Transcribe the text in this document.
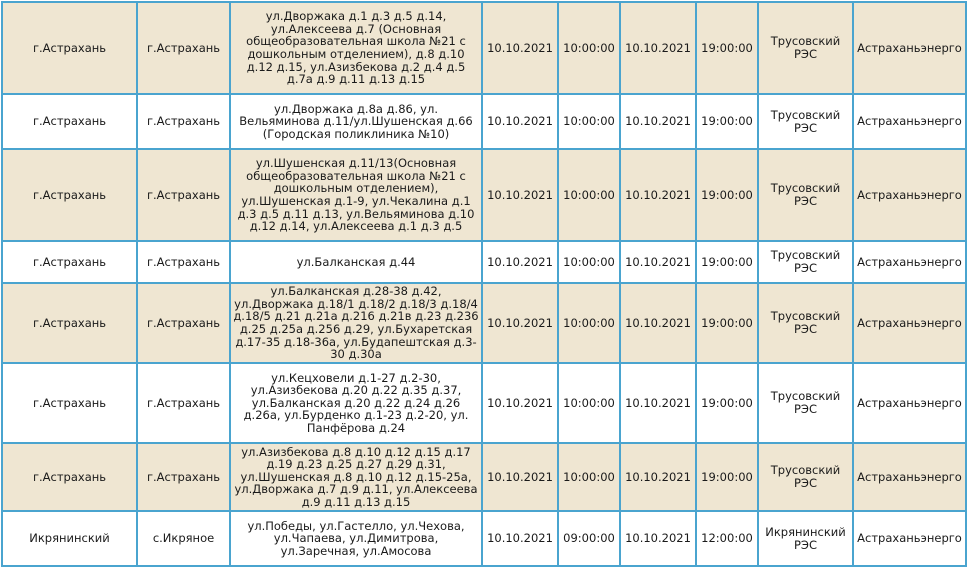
г.Астрахань	г.Астрахань	ул.Дворжака д.1 д.3 д.5 д.14, ул.Алексеева д.7 (Основная общеобразовательная школа №21 с дошкольным отделением), д.8 д.10 д.12 д.15, ул.Азизбекова д.2 д.4 д.5 д.7а д.9 д.11 д.13 д.15	10.10.2021	10:00:00	10.10.2021	19:00:00	Трусовский РЭС	Астраханьэнерго
г.Астрахань	г.Астрахань	ул.Дворжака д.8а д.86, ул. Вельяминова д.11/ул.Шушенская д.66 (Городская поликлиника №10)	10.10.2021	10:00:00	10.10.2021	19:00:00	Трусовский РЭС	Астраханьэнерго
г.Астрахань	г.Астрахань	ул.Шушенская д.11/13(Основная общеобразовательная школа №21 с дошкольным отделением), ул.Шушенская д.1-9, ул.Чекалина д.1 д.3 д.5 д.11 д.13, ул.Вельяминова д.10 д.12 д.14, ул.Алексеева д.1 д.3 д.5	10.10.2021	10:00:00	10.10.2021	19:00:00	Трусовский РЭС	Астраханьэнерго
г.Астрахань	г.Астрахань	ул.Балканская д.44	10.10.2021	10:00:00	10.10.2021	19:00:00	Трусовский РЭС	Астраханьэнерго
г.Астрахань	г.Астрахань	ул.Балканская д.28-38 д.42, ул.Дворжака д.18/1 д.18/2 д.18/3 д.18/4 д.18/5 д.21 д.21а д.216 д.21в д.23 д.236 д.25 д.25а д.256 д.29, ул.Бухаретская д.17-35 д.18-36а, ул.Будапештская д.3-30 д.30а	10.10.2021	10:00:00	10.10.2021	19:00:00	Трусовский РЭС	Астраханьэнерго
г.Астрахань	г.Астрахань	ул.Кецховели д.1-27 д.2-30, ул.Азизбекова д.20 д.22 д.35 д.37, ул.Балканская д.20 д.22 д.24 д.26 д.26а, ул.Бурденко д.1-23 д.2-20, ул. Панфёрова д.24	10.10.2021	10:00:00	10.10.2021	19:00:00	Трусовский РЭС	Астраханьэнерго
г.Астрахань	г.Астрахань	ул.Азизбекова д.8 д.10 д.12 д.15 д.17 д.19 д.23 д.25 д.27 д.29 д.31, ул.Шушенская д.8 д.10 д.12 д.15-25а, ул.Дворжака д.7 д.9 д.11, ул.Алексеева д.9 д.11 д.13 д.15	10.10.2021	10:00:00	10.10.2021	19:00:00	Трусовский РЭС	Астраханьэнерго
Икрянинский	с.Икряное	ул.Победы, ул.Гастелло, ул.Чехова, ул.Чапаева, ул.Димитрова, ул.Заречная, ул.Амосова	10.10.2021	09:00:00	10.10.2021	12:00:00	Икрянинский РЭС	Астраханьэнерго
